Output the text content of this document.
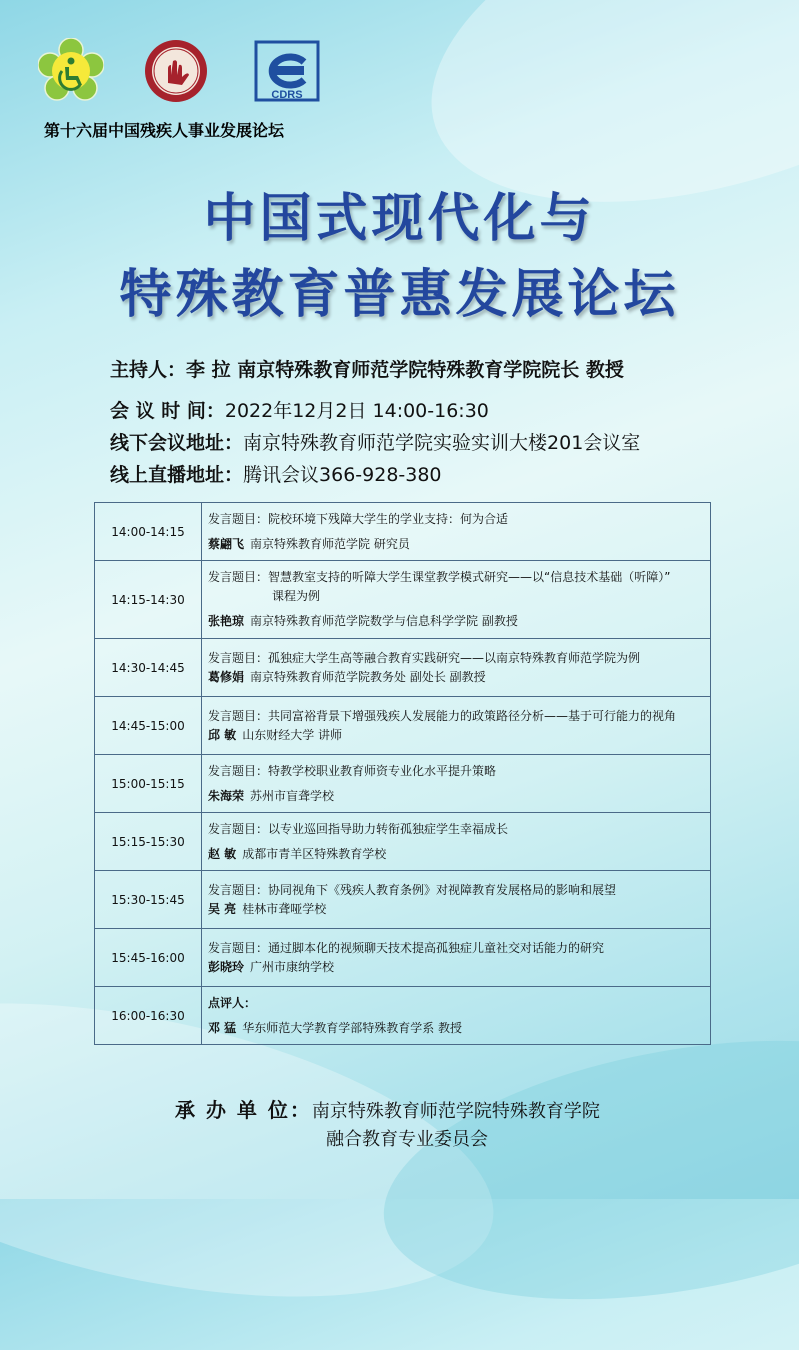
CDRS

第十六届中国残疾人事业发展论坛

中国式现代化与
特殊教育普惠发展论坛
主持人：李 拉 南京特殊教育师范学院特殊教育学院院长 教授
会 议 时 间：2022年12月2日 14:00-16:30
线下会议地址：南京特殊教育师范学院实验实训大楼201会议室
线上直播地址：腾讯会议366-928-380
14:00-14:15	发言题目：院校环境下残障大学生的学业支持：何为合适
蔡翩飞 南京特殊教育师范学院 研究员

14:15-14:30	发言题目：智慧教室支持的听障大学生课堂教学模式研究——以“信息技术基础（听障）”
课程为例
张艳琼 南京特殊教育师范学院数学与信息科学学院 副教授

14:30-14:45	发言题目：孤独症大学生高等融合教育实践研究——以南京特殊教育师范学院为例
葛修娟 南京特殊教育师范学院教务处 副处长 副教授

14:45-15:00	发言题目：共同富裕背景下增强残疾人发展能力的政策路径分析——基于可行能力的视角
邱 敏 山东财经大学 讲师

15:00-15:15	发言题目：特教学校职业教育师资专业化水平提升策略
朱海荣 苏州市盲聋学校

15:15-15:30	发言题目：以专业巡回指导助力转衔孤独症学生幸福成长
赵 敏 成都市青羊区特殊教育学校

15:30-15:45	发言题目：协同视角下《残疾人教育条例》对视障教育发展格局的影响和展望
吴 亮 桂林市聋哑学校

15:45-16:00	发言题目：通过脚本化的视频聊天技术提高孤独症儿童社交对话能力的研究
彭晓玲 广州市康纳学校

16:00-16:30	点评人：
邓 猛 华东师范大学教育学部特殊教育学系 教授
承 办 单 位：南京特殊教育师范学院特殊教育学院
融合教育专业委员会
